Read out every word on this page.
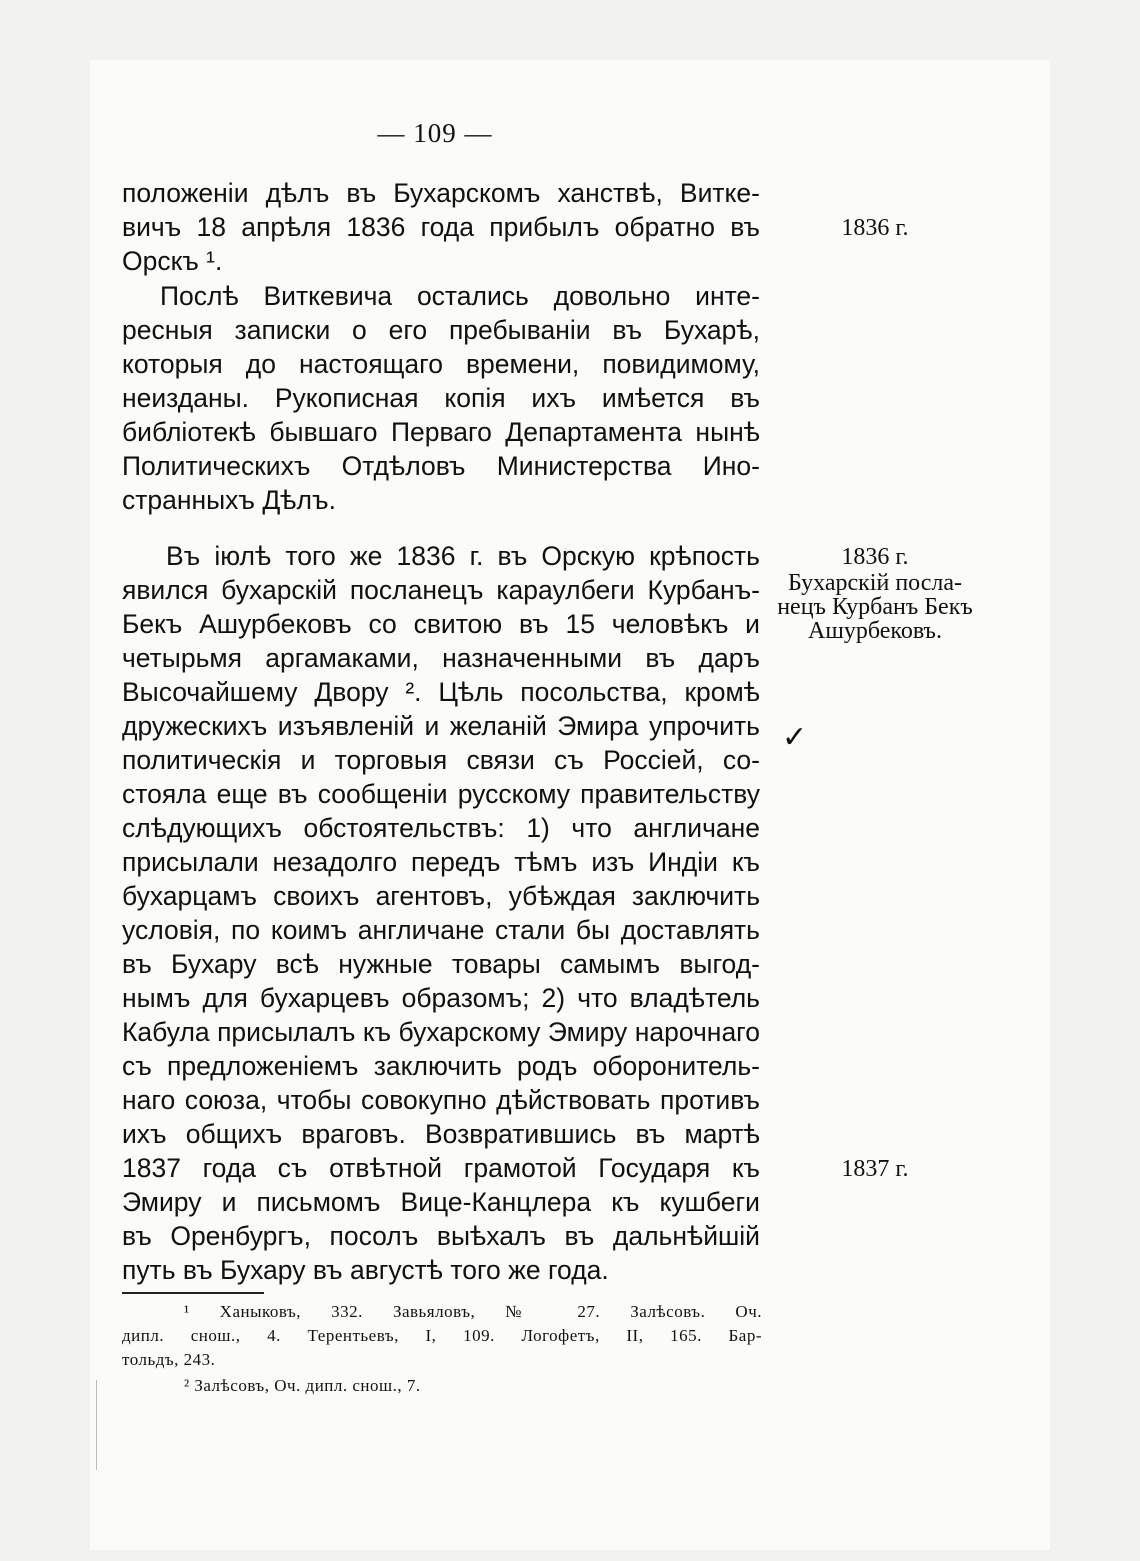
— 109 —
положеніи дѣлъ въ Бухарскомъ ханствѣ, Витке-
вичъ 18 апрѣля 1836 года прибылъ обратно въ
Орскъ ¹.
Послѣ Виткевича остались довольно инте-
ресныя записки о его пребываніи въ Бухарѣ,
которыя до настоящаго времени, повидимому,
неизданы. Рукописная копія ихъ имѣется въ
библіотекѣ бывшаго Перваго Департамента нынѣ
Политическихъ Отдѣловъ Министерства Ино-
странныхъ Дѣлъ.
Въ іюлѣ того же 1836 г. въ Орскую крѣпость
явился бухарскій посланецъ караулбеги Курбанъ-
Бекъ Ашурбековъ со свитою въ 15 человѣкъ и
четырьмя аргамаками, назначенными въ даръ
Высочайшему Двору ². Цѣль посольства, кромѣ
дружескихъ изъявленій и желаній Эмира упрочить
политическія и торговыя связи съ Россіей, со-
стояла еще въ сообщеніи русскому правительству
слѣдующихъ обстоятельствъ: 1) что англичане
присылали незадолго передъ тѣмъ изъ Индіи къ
бухарцамъ своихъ агентовъ, убѣждая заключить
условія, по коимъ англичане стали бы доставлять
въ Бухару всѣ нужные товары самымъ выгод-
нымъ для бухарцевъ образомъ; 2) что владѣтель
Кабула присылалъ къ бухарскому Эмиру нарочнаго
съ предложеніемъ заключить родъ оборонитель-
наго союза, чтобы совокупно дѣйствовать противъ
ихъ общихъ враговъ. Возвратившись въ мартѣ
1837 года съ отвѣтной грамотой Государя къ
Эмиру и письмомъ Вице-Канцлера къ кушбеги
въ Оренбургъ, посолъ выѣхалъ въ дальнѣйшій
путь въ Бухару въ августѣ того же года.
1836 г.
1836 г.
Бухарскій посла-
нецъ Курбанъ Бекъ
Ашурбековъ.
✓
1837 г.
¹ Ханыковъ, 332. Завьяловъ, № 27. Залѣсовъ. Оч.
дипл. снош., 4. Терентьевъ, I, 109. Логофетъ, II, 165. Бар-
тольдъ, 243.
² Залѣсовъ, Оч. дипл. снош., 7.
